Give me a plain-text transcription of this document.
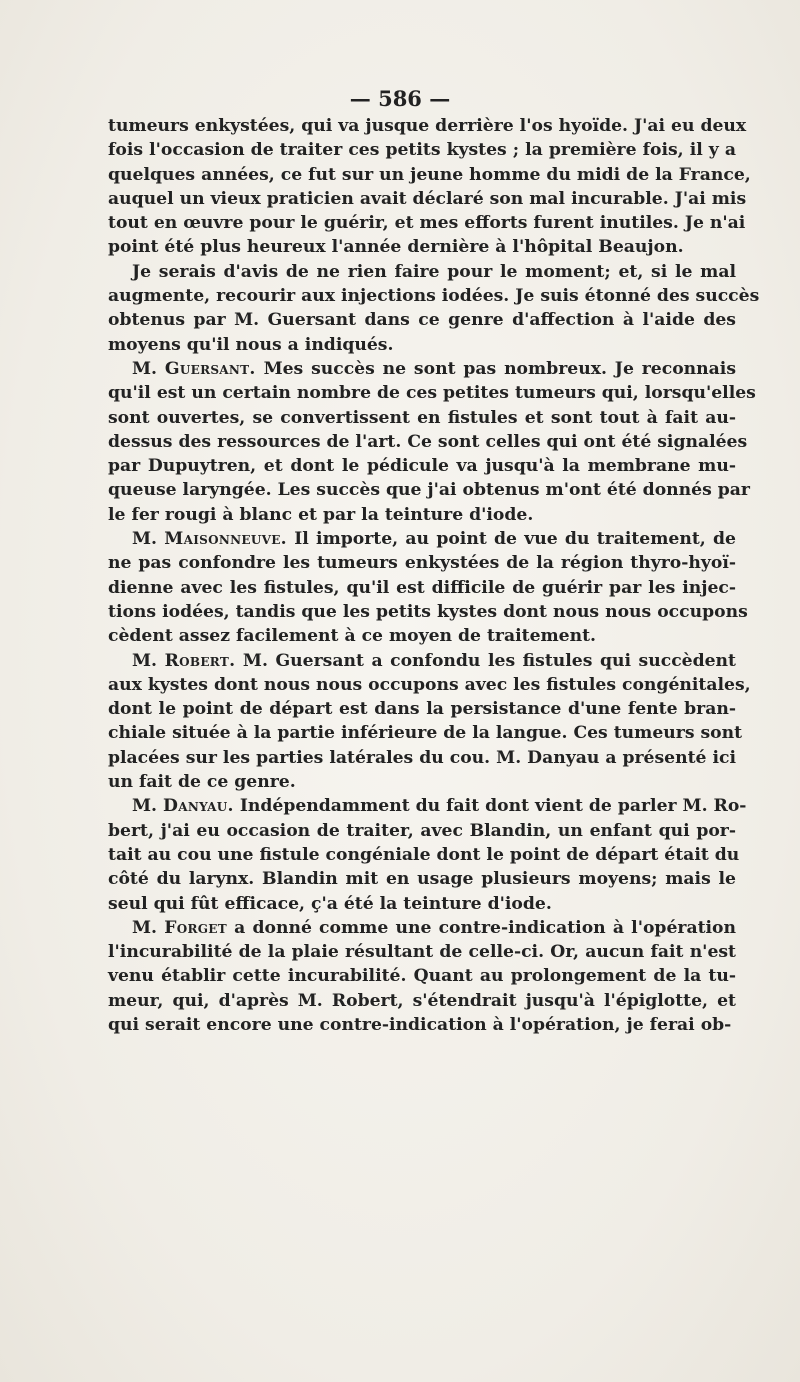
— 586 —
tumeurs enkystées, qui va jusque derrière l'os hyoïde. J'ai eu deux
fois l'occasion de traiter ces petits kystes ; la première fois, il y a
quelques années, ce fut sur un jeune homme du midi de la France,
auquel un vieux praticien avait déclaré son mal incurable. J'ai mis
tout en œuvre pour le guérir, et mes efforts furent inutiles. Je n'ai
point été plus heureux l'année dernière à l'hôpital Beaujon.
Je serais d'avis de ne rien faire pour le moment; et, si le mal
augmente, recourir aux injections iodées. Je suis étonné des succès
obtenus par M. Guersant dans ce genre d'affection à l'aide des
moyens qu'il nous a indiqués.
M. Guersant. Mes succès ne sont pas nombreux. Je reconnais
qu'il est un certain nombre de ces petites tumeurs qui, lorsqu'elles
sont ouvertes, se convertissent en fistules et sont tout à fait au-
dessus des ressources de l'art. Ce sont celles qui ont été signalées
par Dupuytren, et dont le pédicule va jusqu'à la membrane mu-
queuse laryngée. Les succès que j'ai obtenus m'ont été donnés par
le fer rougi à blanc et par la teinture d'iode.
M. Maisonneuve. Il importe, au point de vue du traitement, de
ne pas confondre les tumeurs enkystées de la région thyro-hyoï-
dienne avec les fistules, qu'il est difficile de guérir par les injec-
tions iodées, tandis que les petits kystes dont nous nous occupons
cèdent assez facilement à ce moyen de traitement.
M. Robert. M. Guersant a confondu les fistules qui succèdent
aux kystes dont nous nous occupons avec les fistules congénitales,
dont le point de départ est dans la persistance d'une fente bran-
chiale située à la partie inférieure de la langue. Ces tumeurs sont
placées sur les parties latérales du cou. M. Danyau a présenté ici
un fait de ce genre.
M. Danyau. Indépendamment du fait dont vient de parler M. Ro-
bert, j'ai eu occasion de traiter, avec Blandin, un enfant qui por-
tait au cou une fistule congéniale dont le point de départ était du
côté du larynx. Blandin mit en usage plusieurs moyens; mais le
seul qui fût efficace, ç'a été la teinture d'iode.
M. Forget a donné comme une contre-indication à l'opération
l'incurabilité de la plaie résultant de celle-ci. Or, aucun fait n'est
venu établir cette incurabilité. Quant au prolongement de la tu-
meur, qui, d'après M. Robert, s'étendrait jusqu'à l'épiglotte, et
qui serait encore une contre-indication à l'opération, je ferai ob-
